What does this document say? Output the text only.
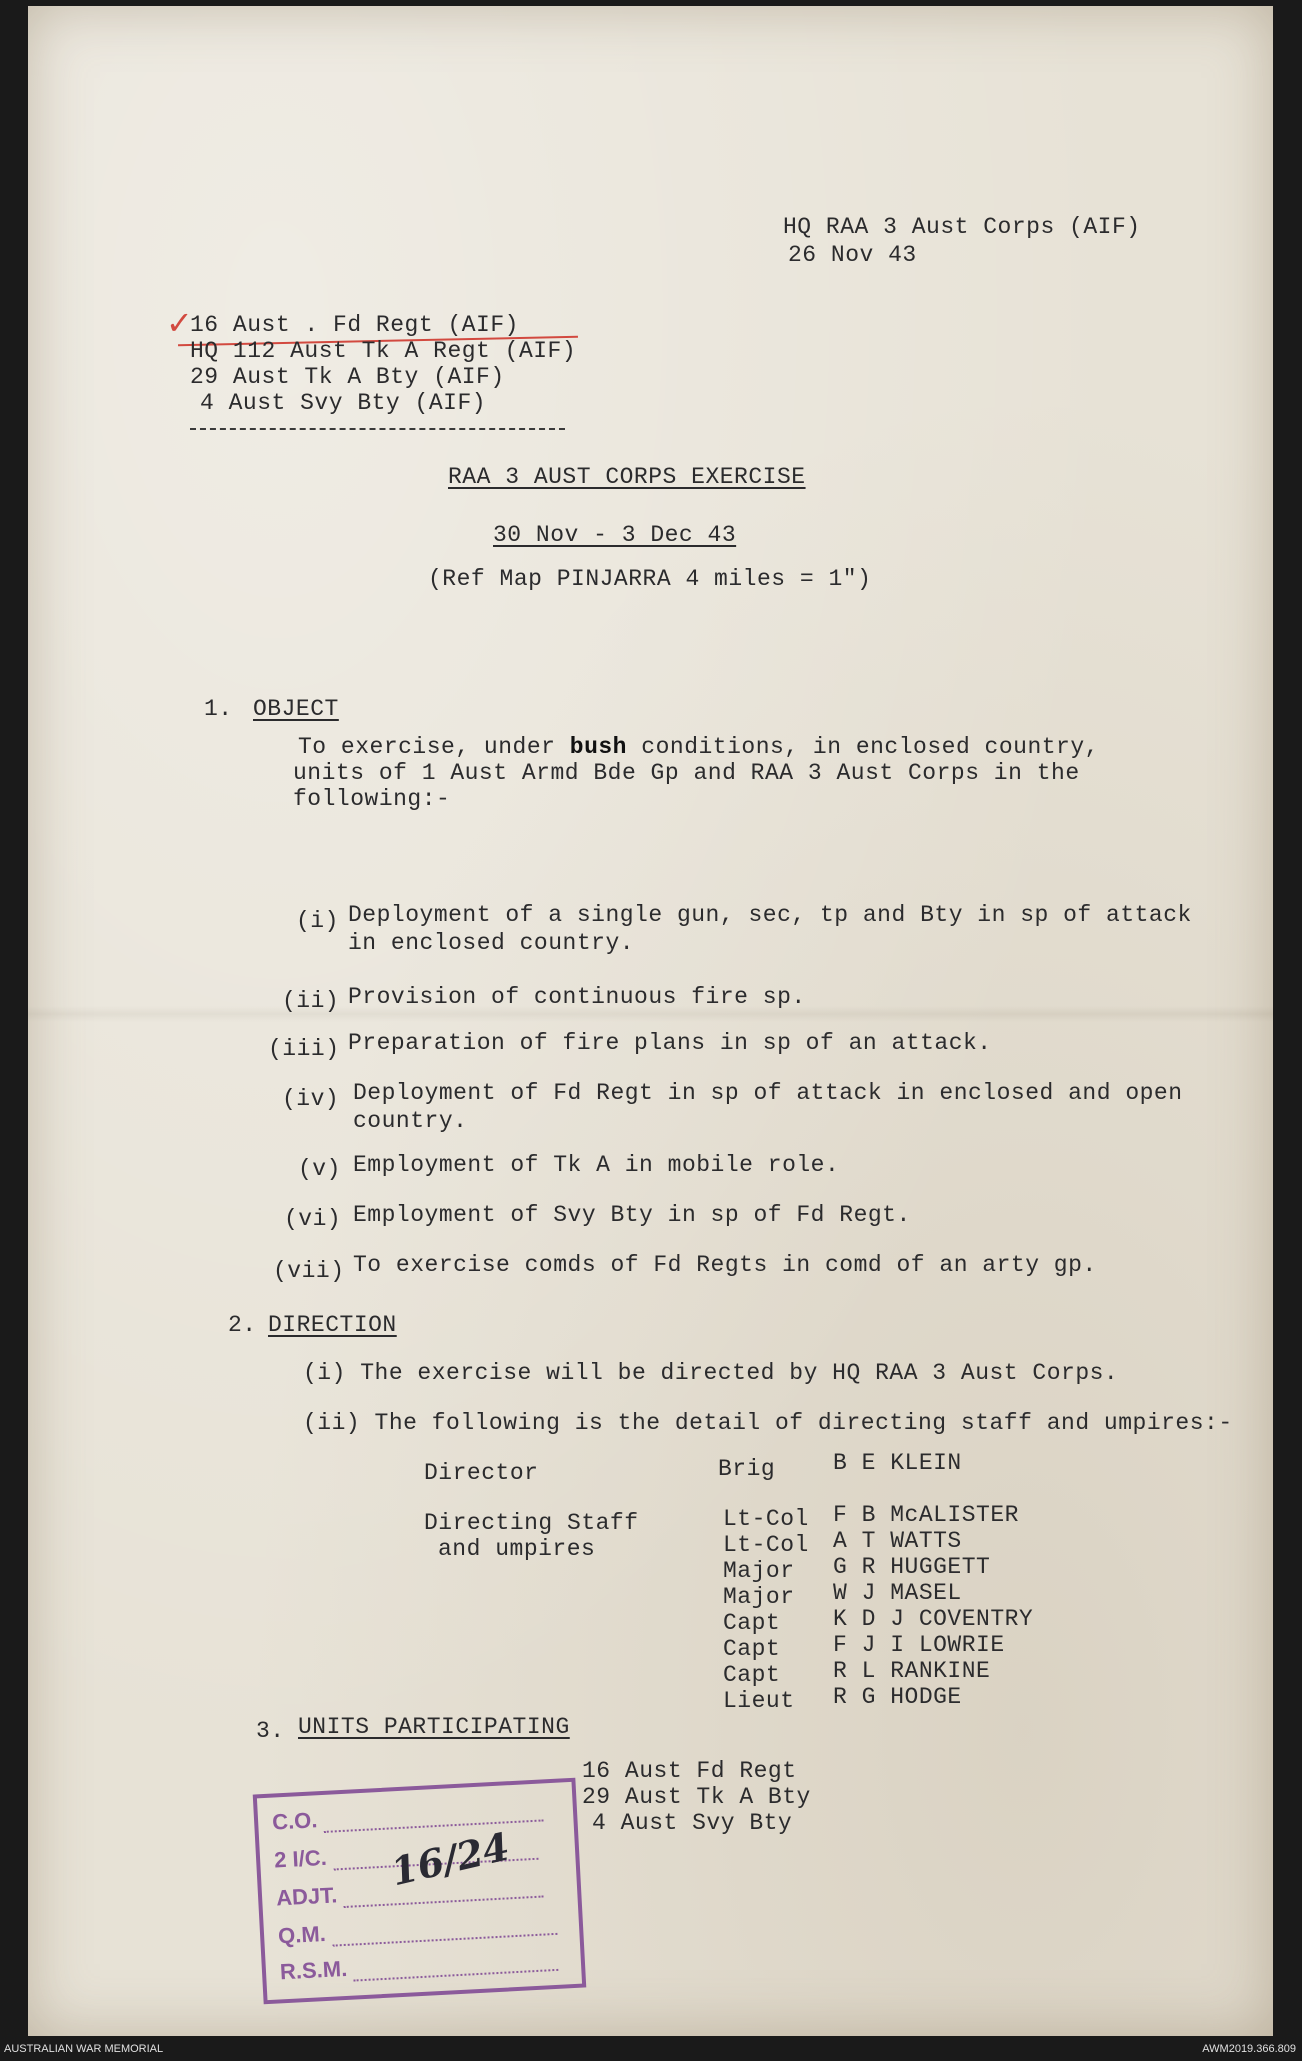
HQ RAA 3 Aust Corps (AIF)
26 Nov 43
✓
16 Aust . Fd Regt (AIF)
HQ 112 Aust Tk A Regt (AIF)
29 Aust Tk A Bty (AIF)
4 Aust Svy Bty (AIF)
RAA 3 AUST CORPS EXERCISE
30 Nov - 3 Dec 43
(Ref Map PINJARRA 4 miles = 1")
1. OBJECT
To exercise, under bush conditions, in enclosed country,
units of 1 Aust Armd Bde Gp and RAA 3 Aust Corps in the
following:-
(i) Deployment of a single gun, sec, tp and Bty in sp of attack
in enclosed country.
(ii) Provision of continuous fire sp.
(iii) Preparation of fire plans in sp of an attack.
(iv) Deployment of Fd Regt in sp of attack in enclosed and open
country.
(v) Employment of Tk A in mobile role.
(vi) Employment of Svy Bty in sp of Fd Regt.
(vii) To exercise comds of Fd Regts in comd of an arty gp.
2. DIRECTION
(i) The exercise will be directed by HQ RAA 3 Aust Corps.
(ii) The following is the detail of directing staff and umpires:-
Director	Brig	B E KLEIN
Directing Staff
and umpires
Lt-Col F B McALISTER
Lt-Col A T WATTS
Major G R HUGGETT
Major W J MASEL
Capt K D J COVENTRY
Capt F J I LOWRIE
Capt R L RANKINE
Lieut R G HODGE
3. UNITS PARTICIPATING
16 Aust Fd Regt
29 Aust Tk A Bty
4 Aust Svy Bty
C.O.
2 I/C.
ADJT.
Q.M.
R.S.M.
16/24
AUSTRALIAN WAR MEMORIAL	AWM2019.366.809
